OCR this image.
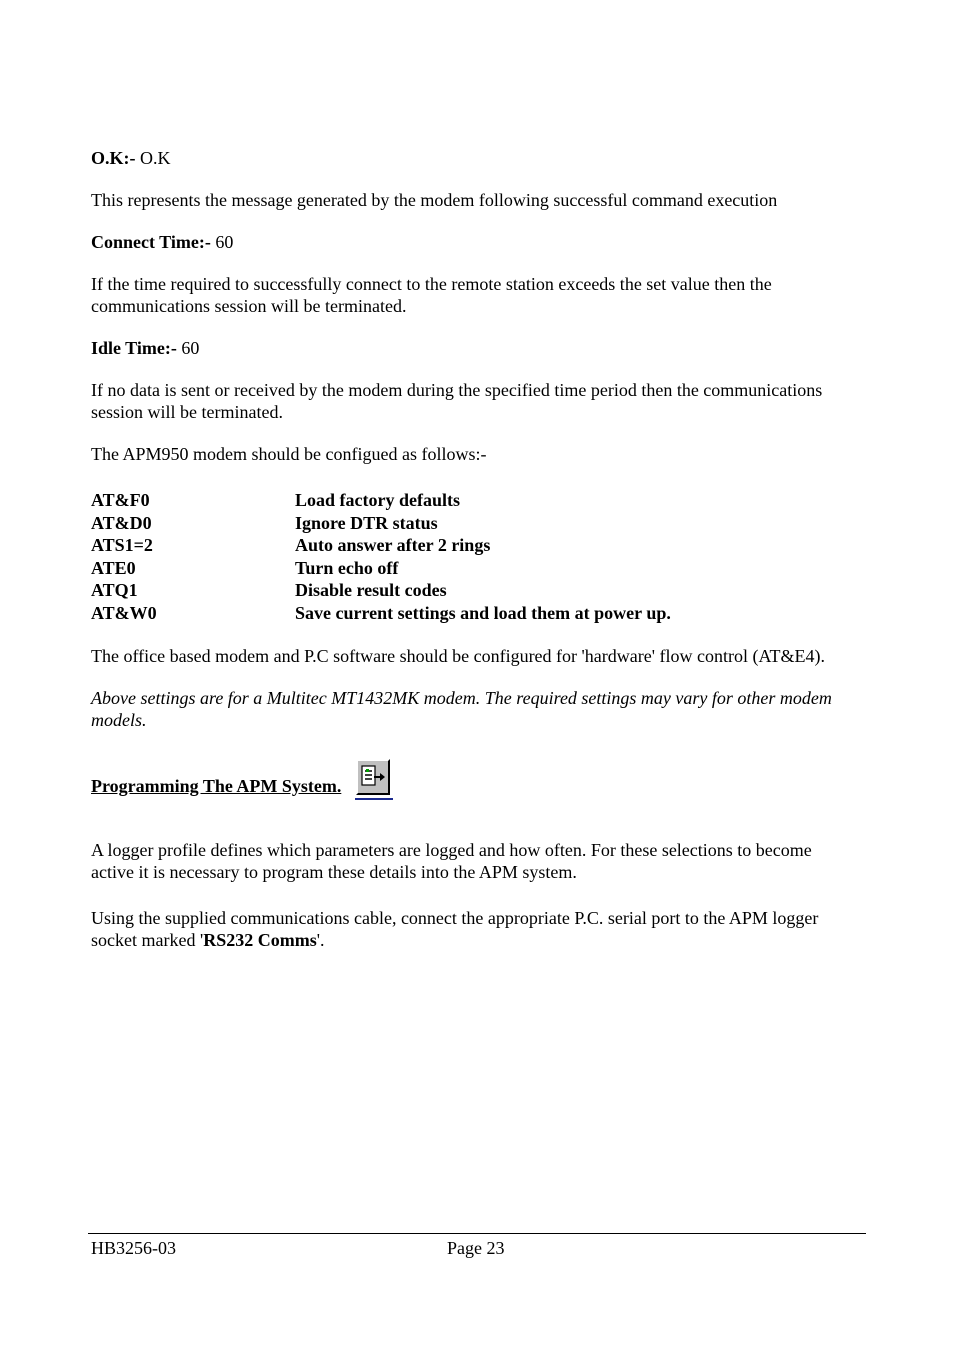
O.K:- O.K

This represents the message generated by the modem following successful command execution

Connect Time:- 60

If the time required to successfully connect to the remote station exceeds the set value then the communications session will be terminated.

Idle Time:- 60

If no data is sent or received by the modem during the specified time period then the communications session will be terminated.

The APM950 modem should be configued as follows:-

AT&F0	Load factory defaults
AT&D0	Ignore DTR status
ATS1=2	Auto answer after 2 rings
ATE0	Turn echo off
ATQ1	Disable result codes
AT&W0	Save current settings and load them at power up.

The office based modem and P.C software should be configured for 'hardware' flow control (AT&E4).

Above settings are for a Multitec MT1432MK modem. The required settings may vary for other modem models.

Programming The APM System.

A logger profile defines which parameters are logged and how often. For these selections to become active it is necessary to program these details into the APM system.

Using the supplied communications cable, connect the appropriate P.C. serial port to the APM logger socket marked 'RS232 Comms'.

HB3256-03	Page 23
